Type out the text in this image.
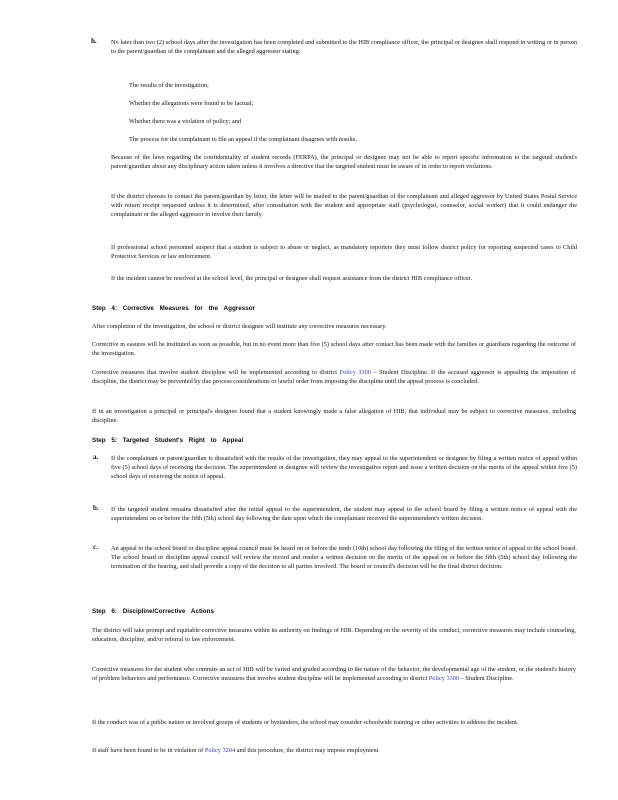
h. No later than two (2) school days after the investigation has been completed and submitted to the HIB compliance officer, the principal or designee shall respond in writing or in person to the parent/guardian of the complainant and the alleged aggressor stating:

The results of the investigation;
Whether the allegations were found to be factual;
Whether there was a violation of policy; and
The process for the complainant to file an appeal if the complainant disagrees with results.

Because of the laws regarding the confidentiality of student records (FERPA), the principal or designee may not be able to report specific information to the targeted student's parent/guardian about any disciplinary action taken unless it involves a directive that the targeted student must be aware of in order to report violations.

If the district chooses to contact the parent/guardian by letter, the letter will be mailed to the parent/guardian of the complainant and alleged aggressor by United States Postal Service with return receipt requested unless it is determined, after consultation with the student and appropriate staff (psychologist, counselor, social worker) that it could endanger the complainant or the alleged aggressor to involve their family.

If professional school personnel suspect that a student is subject to abuse or neglect, as mandatory reporters they must follow district policy for reporting suspected cases to Child Protective Services or law enforcement.

If the incident cannot be resolved at the school level, the principal or designee shall request assistance from the district HIB compliance officer.

Step 4: Corrective Measures for the Aggressor

After completion of the investigation, the school or district designee will institute any corrective measures necessary.

Corrective m easures will be instituted as soon as possible, but in no event more than five (5) school days after contact has been made with the families or guardians regarding the outcome of the investigation.

Corrective measures that involve student discipline will be implemented according to district Policy 3300 – Student Discipline. If the accused aggressor is appealing the imposition of discipline, the district may be prevented by due process considerations or lawful order from imposing the discipline until the appeal process is concluded.

If in an investigation a principal or principal's designee found that a student knowingly made a false allegation of HIB, that individual may be subject to corrective measures, including discipline.

Step 5: Targeted Student's Right to Appeal
a. If the complainant or parent/guardian is dissatisfied with the results of the investigation, they may appeal to the superintendent or designee by filing a written notice of appeal within five (5) school days of receiving the decision. The superintendent or designee will review the investigative report and issue a written decision on the merits of the appeal within five (5) school days of receiving the notice of appeal.

b. If the targeted student remains dissatisfied after the initial appeal to the superintendent, the student may appeal to the school board by filing a written notice of appeal with the superintendent on or before the fifth (5th) school day following the date upon which the complainant received the superintendent's written decision.

c. An appeal to the school board or discipline appeal council must be heard on or before the tenth (10th) school day following the filing of the written notice of appeal to the school board. The school board or discipline appeal council will review the record and render a written decision on the merits of the appeal on or before the fifth (5th) school day following the termination of the hearing, and shall provide a copy of the decision to all parties involved. The board or council's decision will be the final district decision.

Step 6: Discipline/Corrective Actions

The district will take prompt and equitable corrective measures within its authority on findings of HIB. Depending on the severity of the conduct, corrective measures may include counseling, education, discipline, and/or referral to law enforcement.

Corrective measures for the student who commits an act of HIB will be varied and graded according to the nature of the behavior, the developmental age of the student, or the student's history of problem behaviors and performance. Corrective measures that involve student discipline will be implemented according to district Policy 3300 – Student Discipline.

If the conduct was of a public nature or involved groups of students or bystanders, the school may consider schoolwide training or other activities to address the incident.

If staff have been found to be in violation of Policy 3204 and this procedure, the district may impose employment
